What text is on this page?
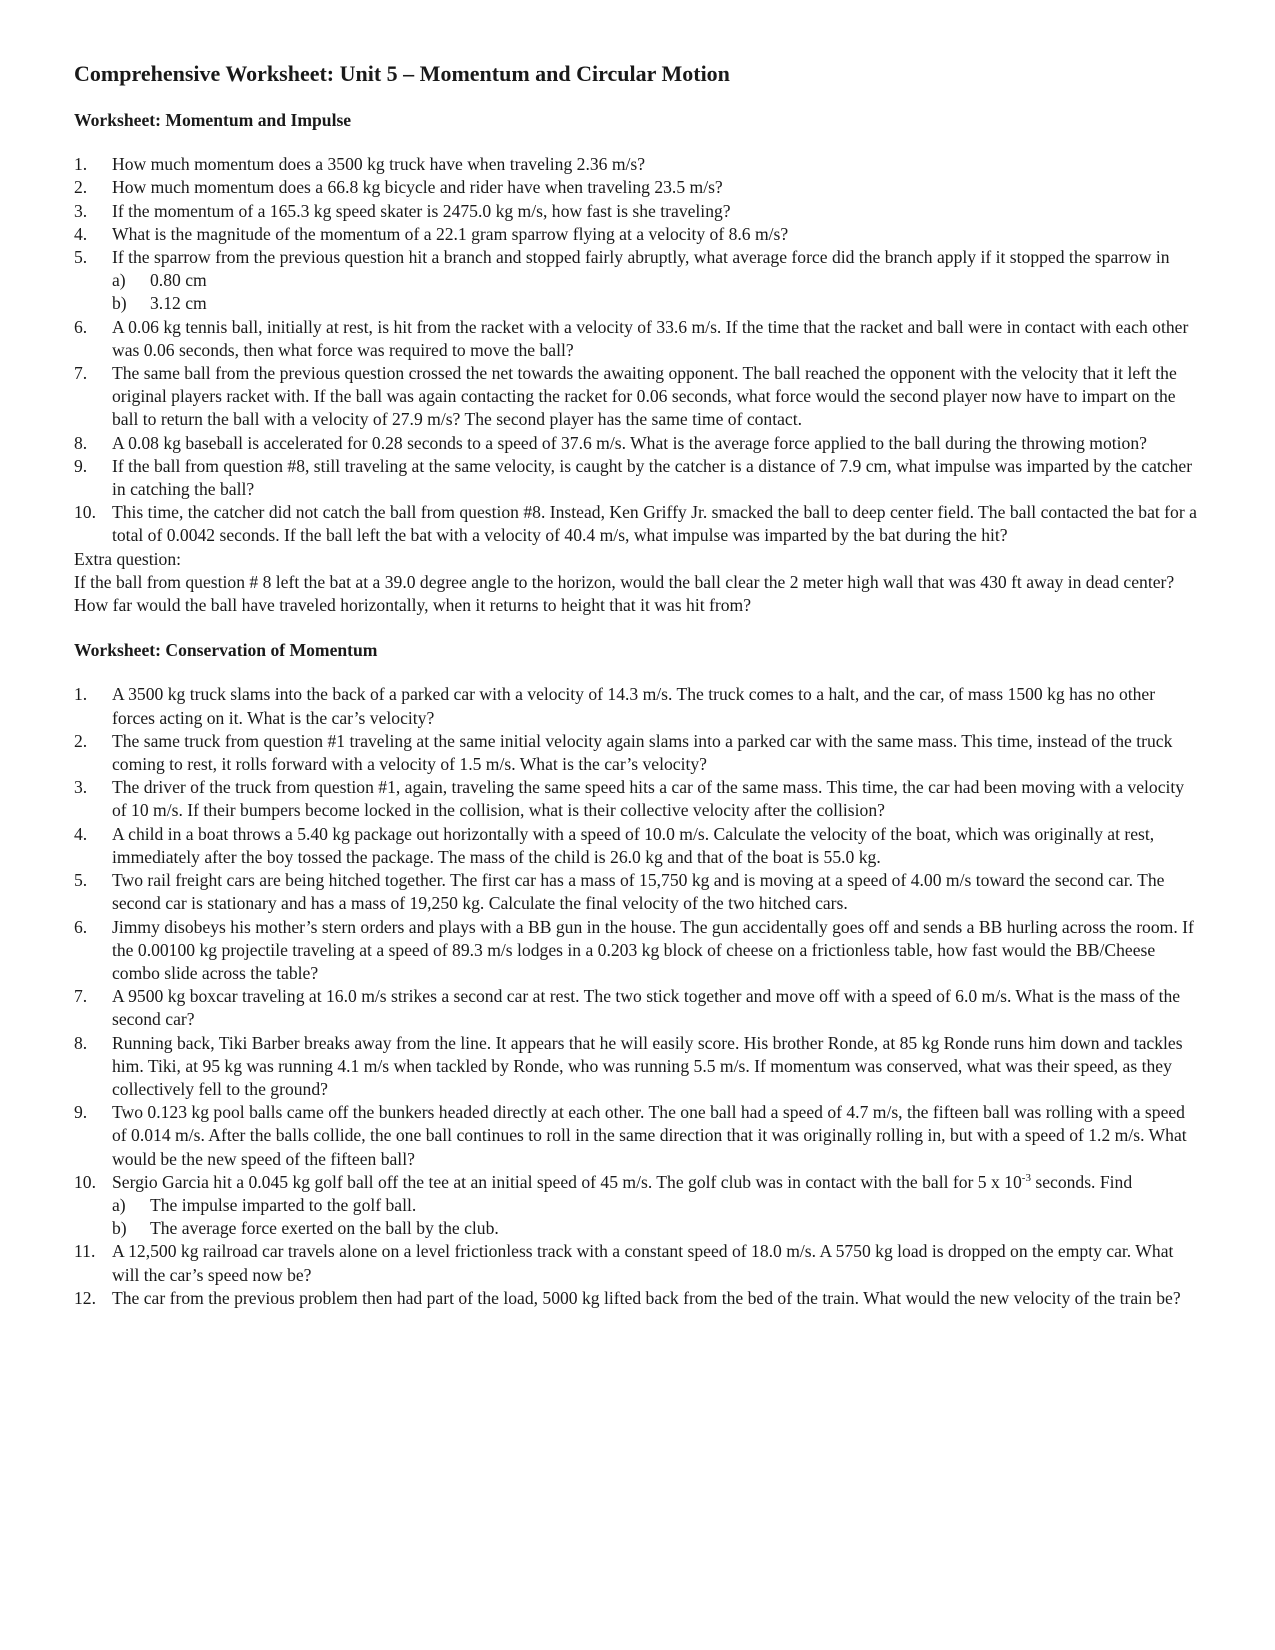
Comprehensive Worksheet: Unit 5 – Momentum and Circular Motion
Worksheet: Momentum and Impulse
1. How much momentum does a 3500 kg truck have when traveling 2.36 m/s?
2. How much momentum does a 66.8 kg bicycle and rider have when traveling 23.5 m/s?
3. If the momentum of a 165.3 kg speed skater is 2475.0 kg m/s, how fast is she traveling?
4. What is the magnitude of the momentum of a 22.1 gram sparrow flying at a velocity of 8.6 m/s?
5. If the sparrow from the previous question hit a branch and stopped fairly abruptly, what average force did the branch apply if it stopped the sparrow in
a) 0.80 cm
b) 3.12 cm
6. A 0.06 kg tennis ball, initially at rest, is hit from the racket with a velocity of 33.6 m/s. If the time that the racket and ball were in contact with each other was 0.06 seconds, then what force was required to move the ball?
7. The same ball from the previous question crossed the net towards the awaiting opponent. The ball reached the opponent with the velocity that it left the original players racket with. If the ball was again contacting the racket for 0.06 seconds, what force would the second player now have to impart on the ball to return the ball with a velocity of 27.9 m/s? The second player has the same time of contact.
8. A 0.08 kg baseball is accelerated for 0.28 seconds to a speed of 37.6 m/s. What is the average force applied to the ball during the throwing motion?
9. If the ball from question #8, still traveling at the same velocity, is caught by the catcher is a distance of 7.9 cm, what impulse was imparted by the catcher in catching the ball?
10. This time, the catcher did not catch the ball from question #8. Instead, Ken Griffy Jr. smacked the ball to deep center field. The ball contacted the bat for a total of 0.0042 seconds. If the ball left the bat with a velocity of 40.4 m/s, what impulse was imparted by the bat during the hit?

Extra question:

If the ball from question # 8 left the bat at a 39.0 degree angle to the horizon, would the ball clear the 2 meter high wall that was 430 ft away in dead center? How far would the ball have traveled horizontally, when it returns to height that it was hit from?

Worksheet: Conservation of Momentum
1. A 3500 kg truck slams into the back of a parked car with a velocity of 14.3 m/s. The truck comes to a halt, and the car, of mass 1500 kg has no other forces acting on it. What is the car’s velocity?
2. The same truck from question #1 traveling at the same initial velocity again slams into a parked car with the same mass. This time, instead of the truck coming to rest, it rolls forward with a velocity of 1.5 m/s. What is the car’s velocity?
3. The driver of the truck from question #1, again, traveling the same speed hits a car of the same mass. This time, the car had been moving with a velocity of 10 m/s. If their bumpers become locked in the collision, what is their collective velocity after the collision?
4. A child in a boat throws a 5.40 kg package out horizontally with a speed of 10.0 m/s. Calculate the velocity of the boat, which was originally at rest, immediately after the boy tossed the package. The mass of the child is 26.0 kg and that of the boat is 55.0 kg.
5. Two rail freight cars are being hitched together. The first car has a mass of 15,750 kg and is moving at a speed of 4.00 m/s toward the second car. The second car is stationary and has a mass of 19,250 kg. Calculate the final velocity of the two hitched cars.
6. Jimmy disobeys his mother’s stern orders and plays with a BB gun in the house. The gun accidentally goes off and sends a BB hurling across the room. If the 0.00100 kg projectile traveling at a speed of 89.3 m/s lodges in a 0.203 kg block of cheese on a frictionless table, how fast would the BB/Cheese combo slide across the table?
7. A 9500 kg boxcar traveling at 16.0 m/s strikes a second car at rest. The two stick together and move off with a speed of 6.0 m/s. What is the mass of the second car?
8. Running back, Tiki Barber breaks away from the line. It appears that he will easily score. His brother Ronde, at 85 kg Ronde runs him down and tackles him. Tiki, at 95 kg was running 4.1 m/s when tackled by Ronde, who was running 5.5 m/s. If momentum was conserved, what was their speed, as they collectively fell to the ground?
9. Two 0.123 kg pool balls came off the bunkers headed directly at each other. The one ball had a speed of 4.7 m/s, the fifteen ball was rolling with a speed of 0.014 m/s. After the balls collide, the one ball continues to roll in the same direction that it was originally rolling in, but with a speed of 1.2 m/s. What would be the new speed of the fifteen ball?
10. Sergio Garcia hit a 0.045 kg golf ball off the tee at an initial speed of 45 m/s. The golf club was in contact with the ball for 5 x $10^{-3}$ seconds. Find
a) The impulse imparted to the golf ball.
b) The average force exerted on the ball by the club.
11. A 12,500 kg railroad car travels alone on a level frictionless track with a constant speed of 18.0 m/s. A 5750 kg load is dropped on the empty car. What will the car’s speed now be?
12. The car from the previous problem then had part of the load, 5000 kg lifted back from the bed of the train. What would the new velocity of the train be?
